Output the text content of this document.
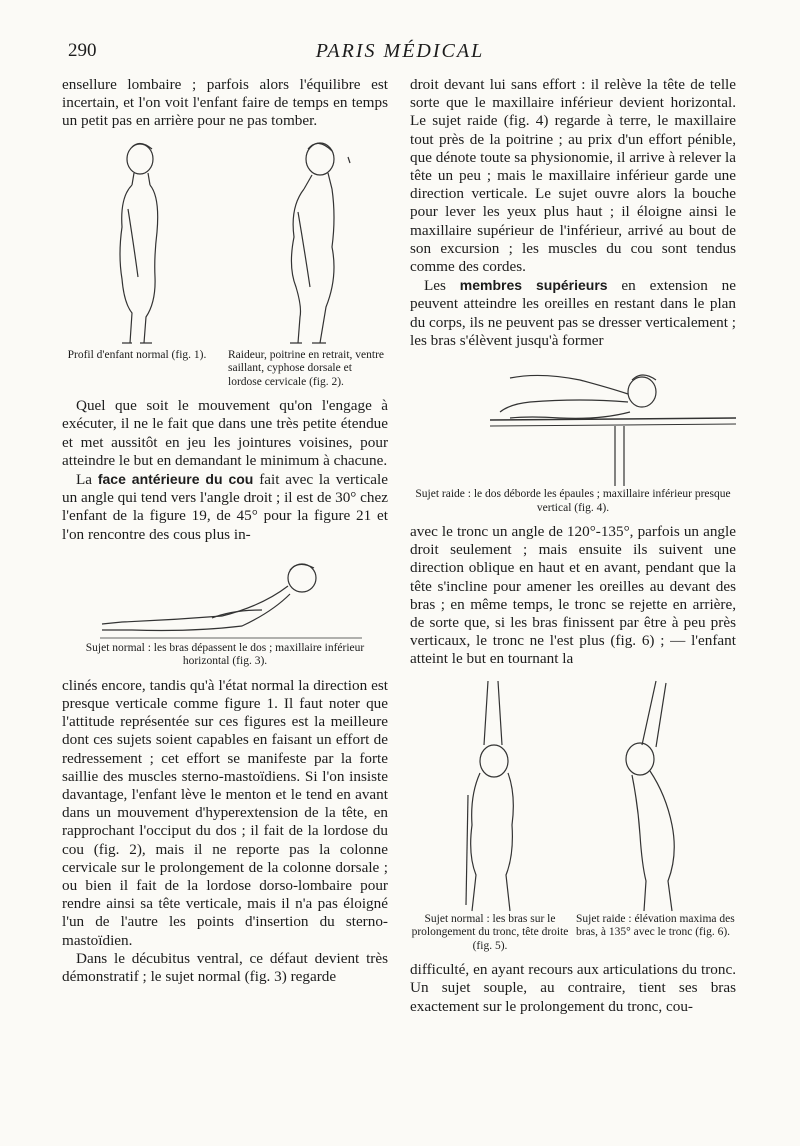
290	PARIS MÉDICAL

ensellure lombaire ; parfois alors l'équilibre est incertain, et l'on voit l'enfant faire de temps en temps un petit pas en arrière pour ne pas tomber.

Profil d'enfant normal (fig. 1).	Raideur, poitrine en retrait, ventre saillant, cyphose dorsale et lordose cervicale (fig. 2).

Quel que soit le mouvement qu'on l'engage à exécuter, il ne le fait que dans une très petite étendue et met aussitôt en jeu les jointures voisines, pour atteindre le but en demandant le minimum à chacune.

La face antérieure du cou fait avec la verticale un angle qui tend vers l'angle droit ; il est de 30° chez l'enfant de la figure 19, de 45° pour la figure 21 et l'on rencontre des cous plus in-

Sujet normal : les bras dépassent le dos ; maxillaire inférieur horizontal (fig. 3).

clinés encore, tandis qu'à l'état normal la direction est presque verticale comme figure 1. Il faut noter que l'attitude représentée sur ces figures est la meilleure dont ces sujets soient capables en faisant un effort de redressement ; cet effort se manifeste par la forte saillie des muscles sterno-mastoïdiens. Si l'on insiste davantage, l'enfant lève le menton et le tend en avant dans un mouvement d'hyperextension de la tête, en rapprochant l'occiput du dos ; il fait de la lordose du cou (fig. 2), mais il ne reporte pas la colonne cervicale sur le prolongement de la colonne dorsale ; ou bien il fait de la lordose dorso-lombaire pour rendre ainsi sa tête verticale, mais il n'a pas éloigné l'un de l'autre les points d'insertion du sterno-mastoïdien.

Dans le décubitus ventral, ce défaut devient très démonstratif ; le sujet normal (fig. 3) regarde

droit devant lui sans effort : il relève la tête de telle sorte que le maxillaire inférieur devient horizontal. Le sujet raide (fig. 4) regarde à terre, le maxillaire tout près de la poitrine ; au prix d'un effort pénible, que dénote toute sa physionomie, il arrive à relever la tête un peu ; mais le maxillaire inférieur garde une direction verticale. Le sujet ouvre alors la bouche pour lever les yeux plus haut ; il éloigne ainsi le maxillaire supérieur de l'inférieur, arrivé au bout de son excursion ; les muscles du cou sont tendus comme des cordes.

Les membres supérieurs en extension ne peuvent atteindre les oreilles en restant dans le plan du corps, ils ne peuvent pas se dresser verticalement ; les bras s'élèvent jusqu'à former

Sujet raide : le dos déborde les épaules ; maxillaire inférieur presque vertical (fig. 4).

avec le tronc un angle de 120°-135°, parfois un angle droit seulement ; mais ensuite ils suivent une direction oblique en haut et en avant, pendant que la tête s'incline pour amener les oreilles au devant des bras ; en même temps, le tronc se rejette en arrière, de sorte que, si les bras finissent par être à peu près verticaux, le tronc ne l'est plus (fig. 6) ; — l'enfant atteint le but en tournant la

Sujet normal : les bras sur le prolongement du tronc, tête droite (fig. 5).

Sujet raide : élévation maxima des bras, à 135° avec le tronc (fig. 6).

difficulté, en ayant recours aux articulations du tronc. Un sujet souple, au contraire, tient ses bras exactement sur le prolongement du tronc, cou-
